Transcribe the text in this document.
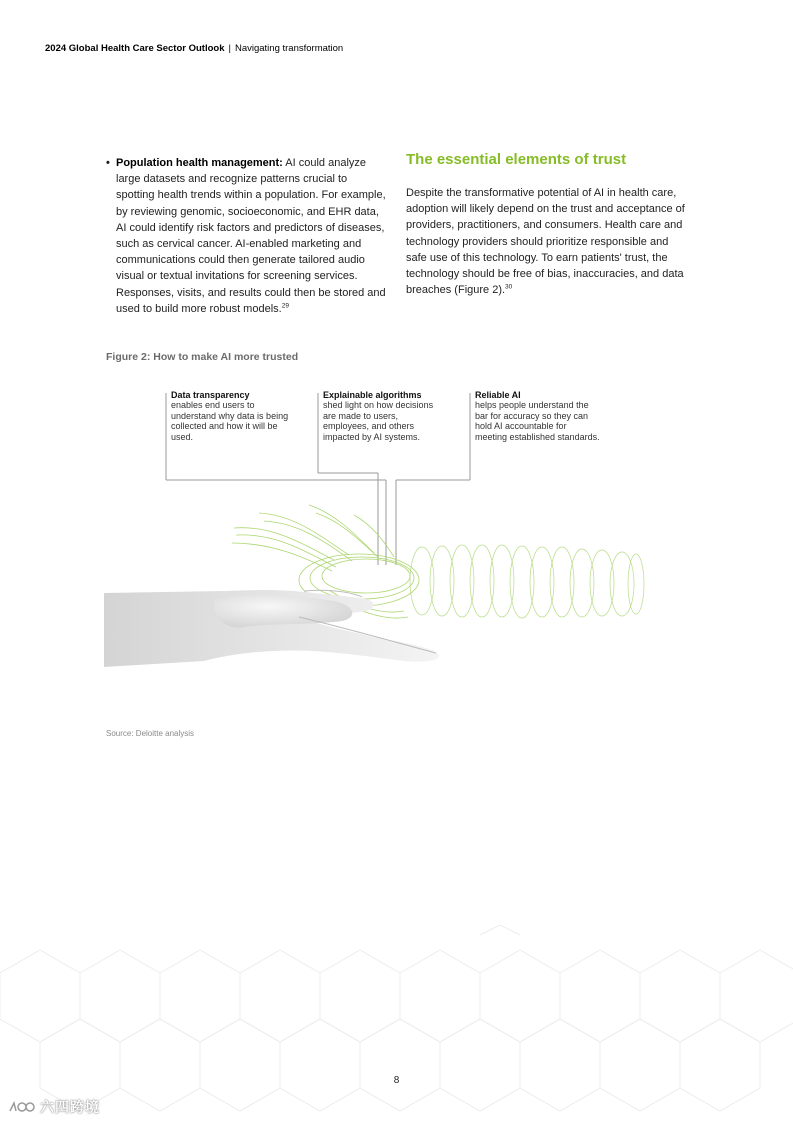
2024 Global Health Care Sector Outlook | Navigating transformation
• Population health management: AI could analyze large datasets and recognize patterns crucial to spotting health trends within a population. For example, by reviewing genomic, socioeconomic, and EHR data, AI could identify risk factors and predictors of diseases, such as cervical cancer. AI-enabled marketing and communications could then generate tailored audio visual or textual invitations for screening services. Responses, visits, and results could then be stored and used to build more robust models.$^{29}$
The essential elements of trust

Despite the transformative potential of AI in health care, adoption will likely depend on the trust and acceptance of providers, practitioners, and consumers. Health care and technology providers should prioritize responsible and safe use of this technology. To earn patients' trust, the technology should be free of bias, inaccuracies, and data breaches (Figure 2).$^{30}$

Figure 2: How to make AI more trusted
Data transparency
enables end users to understand why data is being collected and how it will be used.
Explainable algorithms
shed light on how decisions are made to users, employees, and others impacted by AI systems.
Reliable AI
helps people understand the bar for accuracy so they can hold AI accountable for meeting established standards.
Source: Deloitte analysis
8
六四跨境
